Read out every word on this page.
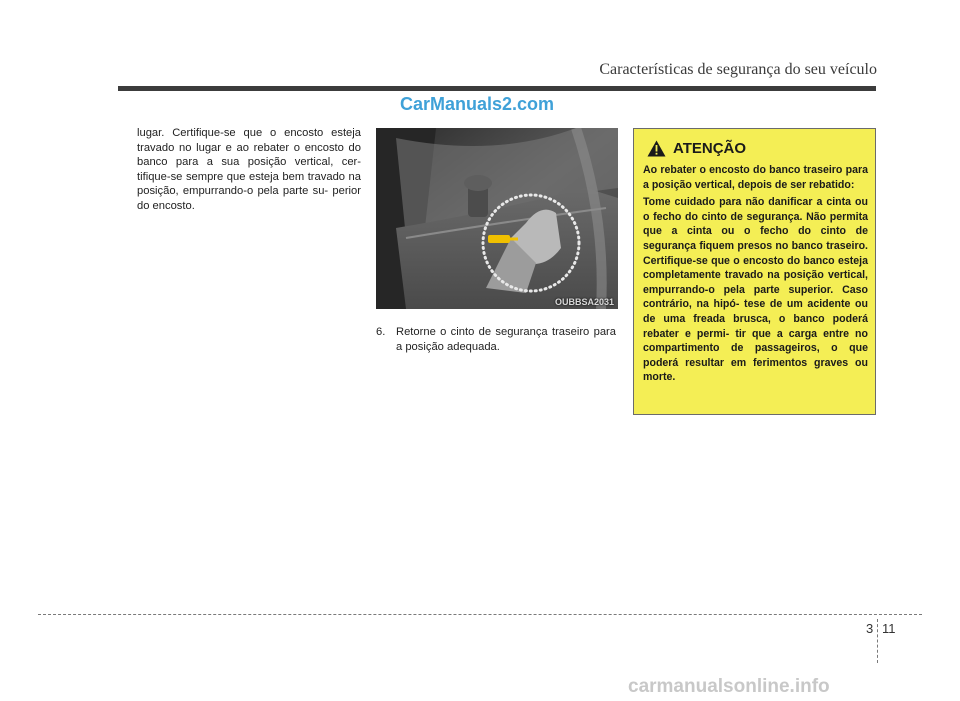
Características de segurança do seu veículo
CarManuals2.com
lugar. Certifique-se que o encosto esteja travado no lugar e ao rebater o encosto do banco para a sua posição vertical, cer- tifique-se sempre que esteja bem travado na posição, empurrando-o pela parte su- perior do encosto.
OUBBSA2031
6. Retorne o cinto de segurança traseiro para a posição adequada.
ATENÇÃO

Ao rebater o encosto do banco traseiro para a posição vertical, depois de ser rebatido:

Tome cuidado para não danificar a cinta ou o fecho do cinto de segurança. Não permita que a cinta ou o fecho do cinto de segurança fiquem presos no banco traseiro. Certifique-se que o encosto do banco esteja completamente travado na posição vertical, empurrando-o pela parte superior. Caso contrário, na hipó- tese de um acidente ou de uma freada brusca, o banco poderá rebater e permi- tir que a carga entre no compartimento de passageiros, o que poderá resultar em ferimentos graves ou morte.

3 11
carmanualsonline.info
